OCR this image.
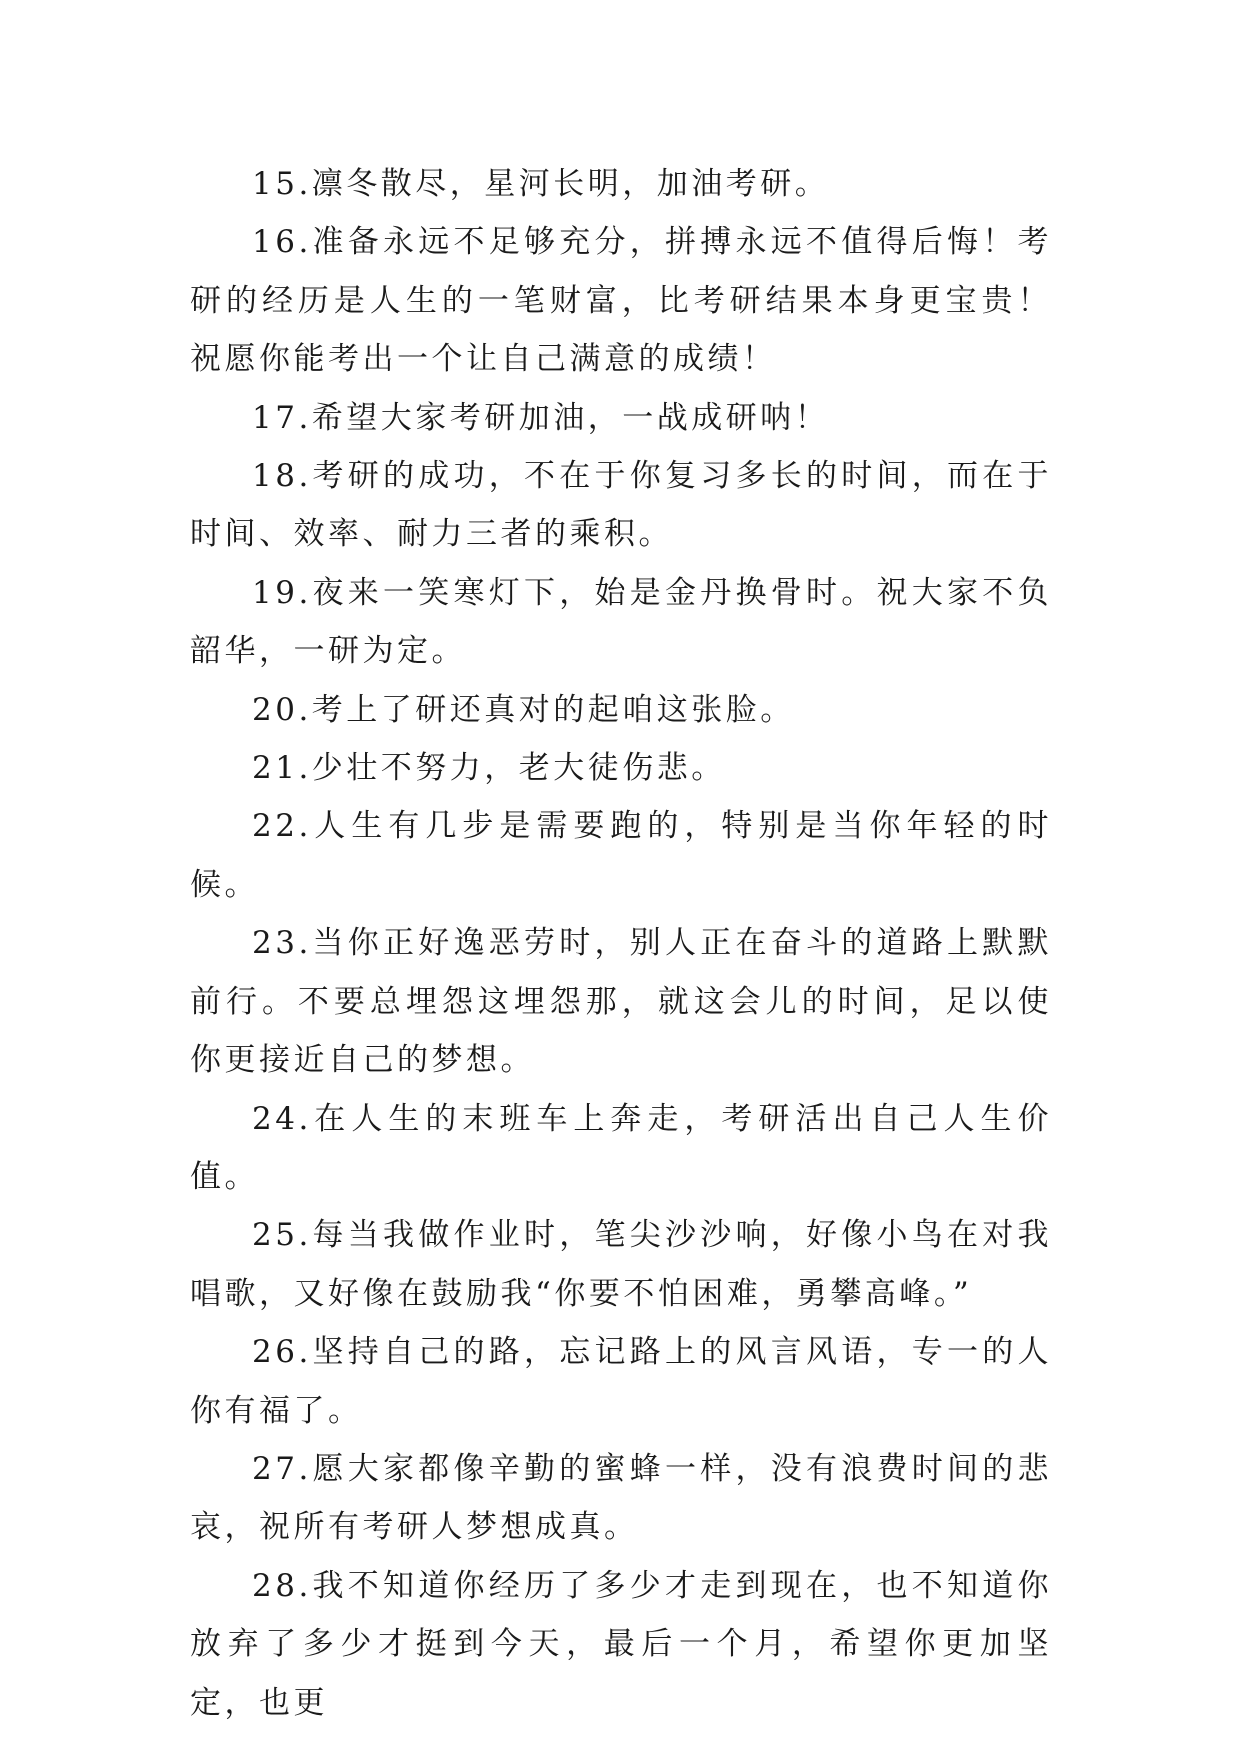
15.凛冬散尽，星河长明，加油考研。

16.准备永远不足够充分，拼搏永远不值得后悔！考研的经历是人生的一笔财富，比考研结果本身更宝贵！祝愿你能考出一个让自己满意的成绩！

17.希望大家考研加油，一战成研呐！

18.考研的成功，不在于你复习多长的时间，而在于时间、效率、耐力三者的乘积。

19.夜来一笑寒灯下，始是金丹换骨时。祝大家不负韶华，一研为定。

20.考上了研还真对的起咱这张脸。

21.少壮不努力，老大徒伤悲。

22.人生有几步是需要跑的，特别是当你年轻的时候。

23.当你正好逸恶劳时，别人正在奋斗的道路上默默前行。不要总埋怨这埋怨那，就这会儿的时间，足以使你更接近自己的梦想。

24.在人生的末班车上奔走，考研活出自己人生价值。

25.每当我做作业时，笔尖沙沙响，好像小鸟在对我唱歌，又好像在鼓励我“你要不怕困难，勇攀高峰。”

26.坚持自己的路，忘记路上的风言风语，专一的人你有福了。

27.愿大家都像辛勤的蜜蜂一样，没有浪费时间的悲哀，祝所有考研人梦想成真。

28.我不知道你经历了多少才走到现在，也不知道你放弃了多少才挺到今天，最后一个月，希望你更加坚定，也更
